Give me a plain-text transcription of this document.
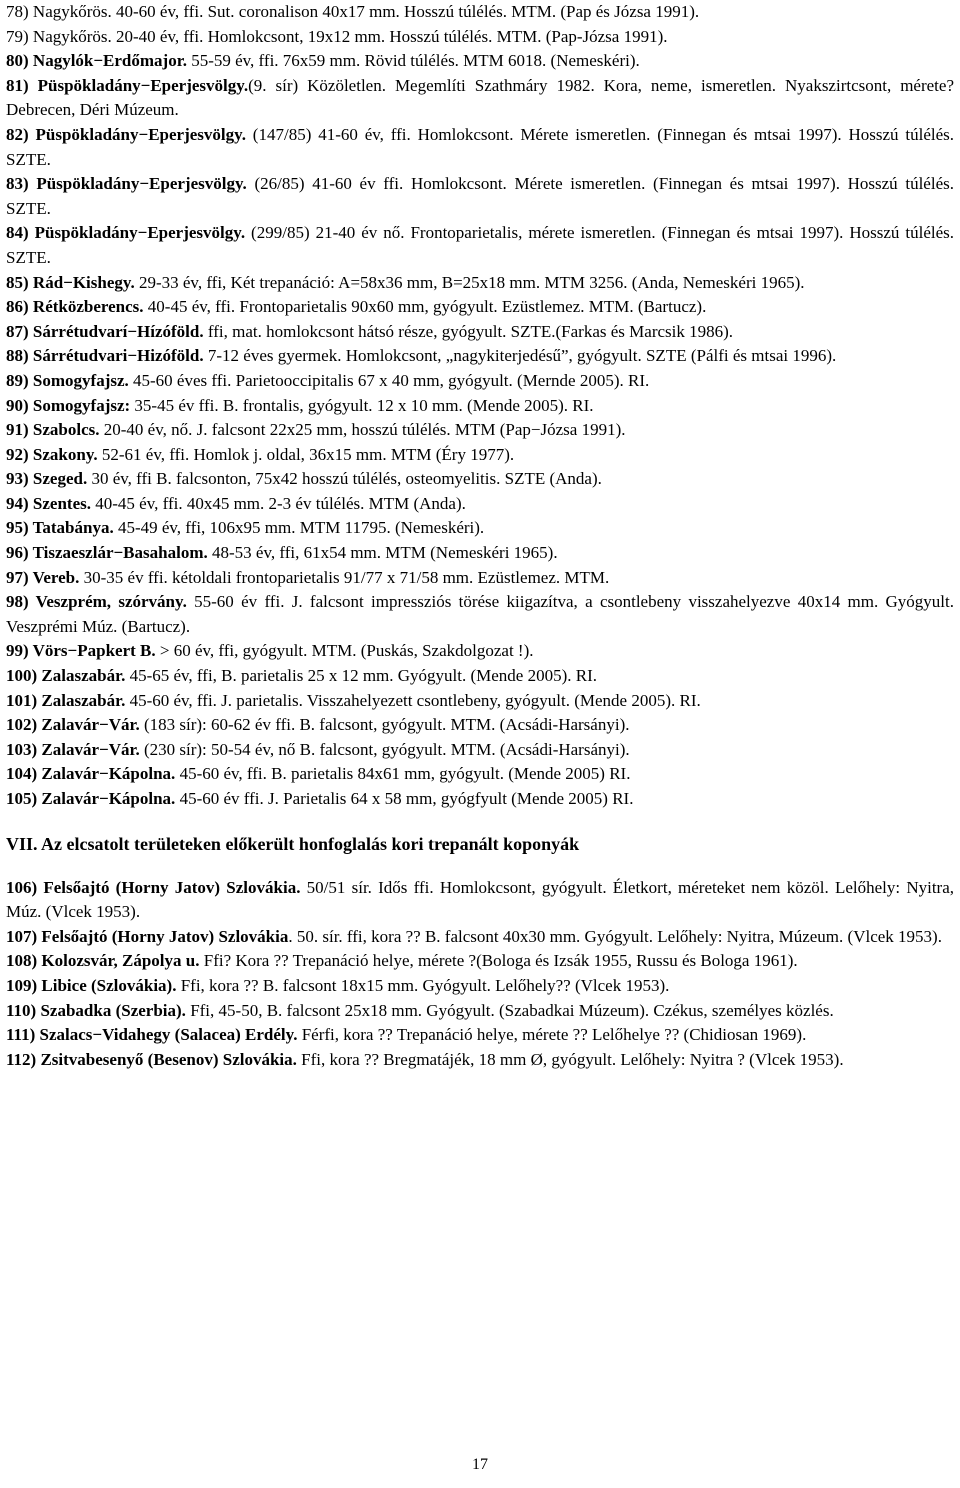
78) Nagykőrös. 40-60 év, ffi. Sut. coronalison 40x17 mm. Hosszú túlélés. MTM. (Pap és Józsa 1991).

79) Nagykőrös. 20-40 év, ffi. Homlokcsont, 19x12 mm. Hosszú túlélés. MTM. (Pap-Józsa 1991).

80) Nagylók−Erdőmajor. 55-59 év, ffi. 76x59 mm. Rövid túlélés. MTM 6018. (Nemeskéri).

81) Püspökladány−Eperjesvölgy.(9. sír) Közöletlen. Megemlíti Szathmáry 1982. Kora, neme, ismeretlen. Nyakszirtcsont, mérete? Debrecen, Déri Múzeum.

82) Püspökladány−Eperjesvölgy. (147/85) 41-60 év, ffi. Homlokcsont. Mérete ismeretlen. (Finnegan és mtsai 1997). Hosszú túlélés. SZTE.

83) Püspökladány−Eperjesvölgy. (26/85) 41-60 év ffi. Homlokcsont. Mérete ismeretlen. (Finnegan és mtsai 1997). Hosszú túlélés. SZTE.

84) Püspökladány−Eperjesvölgy. (299/85) 21-40 év nő. Frontoparietalis, mérete ismeretlen. (Finnegan és mtsai 1997). Hosszú túlélés. SZTE.

85) Rád−Kishegy. 29-33 év, ffi, Két trepanáció: A=58x36 mm, B=25x18 mm. MTM 3256. (Anda, Nemeskéri 1965).

86) Rétközberencs. 40-45 év, ffi. Frontoparietalis 90x60 mm, gyógyult. Ezüstlemez. MTM. (Bartucz).

87) Sárrétudvarí−Hízóföld. ffi, mat. homlokcsont hátsó része, gyógyult. SZTE.(Farkas és Marcsik 1986).

88) Sárrétudvari−Hizóföld. 7-12 éves gyermek. Homlokcsont, „nagykiterjedésű”, gyógyult. SZTE (Pálfi és mtsai 1996).

89) Somogyfajsz. 45-60 éves ffi. Parietooccipitalis 67 x 40 mm, gyógyult. (Mernde 2005). RI.

90) Somogyfajsz: 35-45 év ffi. B. frontalis, gyógyult. 12 x 10 mm. (Mende 2005). RI.

91) Szabolcs. 20-40 év, nő. J. falcsont 22x25 mm, hosszú túlélés. MTM (Pap−Józsa 1991).

92) Szakony. 52-61 év, ffi. Homlok j. oldal, 36x15 mm. MTM (Éry 1977).

93) Szeged. 30 év, ffi B. falcsonton, 75x42 hosszú túlélés, osteomyelitis. SZTE (Anda).

94) Szentes. 40-45 év, ffi. 40x45 mm. 2-3 év túlélés. MTM (Anda).

95) Tatabánya. 45-49 év, ffi, 106x95 mm. MTM 11795. (Nemeskéri).

96) Tiszaeszlár−Basahalom. 48-53 év, ffi, 61x54 mm. MTM (Nemeskéri 1965).

97) Vereb. 30-35 év ffi. kétoldali frontoparietalis 91/77 x 71/58 mm. Ezüstlemez. MTM.

98) Veszprém, szórvány. 55-60 év ffi. J. falcsont impressziós törése kiigazítva, a csontlebeny visszahelyezve 40x14 mm. Gyógyult. Veszprémi Múz. (Bartucz).

99) Vörs−Papkert B. > 60 év, ffi, gyógyult. MTM. (Puskás, Szakdolgozat !).

100) Zalaszabár. 45-65 év, ffi, B. parietalis 25 x 12 mm. Gyógyult. (Mende 2005). RI.

101) Zalaszabár. 45-60 év, ffi. J. parietalis. Visszahelyezett csontlebeny, gyógyult. (Mende 2005). RI.

102) Zalavár−Vár. (183 sír): 60-62 év ffi. B. falcsont, gyógyult. MTM. (Acsádi-Harsányi).

103) Zalavár−Vár. (230 sír): 50-54 év, nő B. falcsont, gyógyult. MTM. (Acsádi-Harsányi).

104) Zalavár−Kápolna. 45-60 év, ffi. B. parietalis 84x61 mm, gyógyult. (Mende 2005) RI.

105) Zalavár−Kápolna. 45-60 év ffi. J. Parietalis 64 x 58 mm, gyógfyult (Mende 2005) RI.

VII. Az elcsatolt területeken előkerült honfoglalás kori trepanált koponyák

106) Felsőajtó (Horny Jatov) Szlovákia. 50/51 sír. Idős ffi. Homlokcsont, gyógyult. Életkort, méreteket nem közöl. Lelőhely: Nyitra, Múz. (Vlcek 1953).

107) Felsőajtó (Horny Jatov) Szlovákia. 50. sír. ffi, kora ?? B. falcsont 40x30 mm. Gyógyult. Lelőhely: Nyitra, Múzeum. (Vlcek 1953).

108) Kolozsvár, Zápolya u. Ffi? Kora ?? Trepanáció helye, mérete ?(Bologa és Izsák 1955, Russu és Bologa 1961).

109) Libice (Szlovákia). Ffi, kora ?? B. falcsont 18x15 mm. Gyógyult. Lelőhely?? (Vlcek 1953).

110) Szabadka (Szerbia). Ffi, 45-50, B. falcsont 25x18 mm. Gyógyult. (Szabadkai Múzeum). Czékus, személyes közlés.

111) Szalacs−Vidahegy (Salacea) Erdély. Férfi, kora ?? Trepanáció helye, mérete ?? Lelőhelye ?? (Chidiosan 1969).

112) Zsitvabesenyő (Besenov) Szlovákia. Ffi, kora ?? Bregmatájék, 18 mm Ø, gyógyult. Lelőhely: Nyitra ? (Vlcek 1953).

17
